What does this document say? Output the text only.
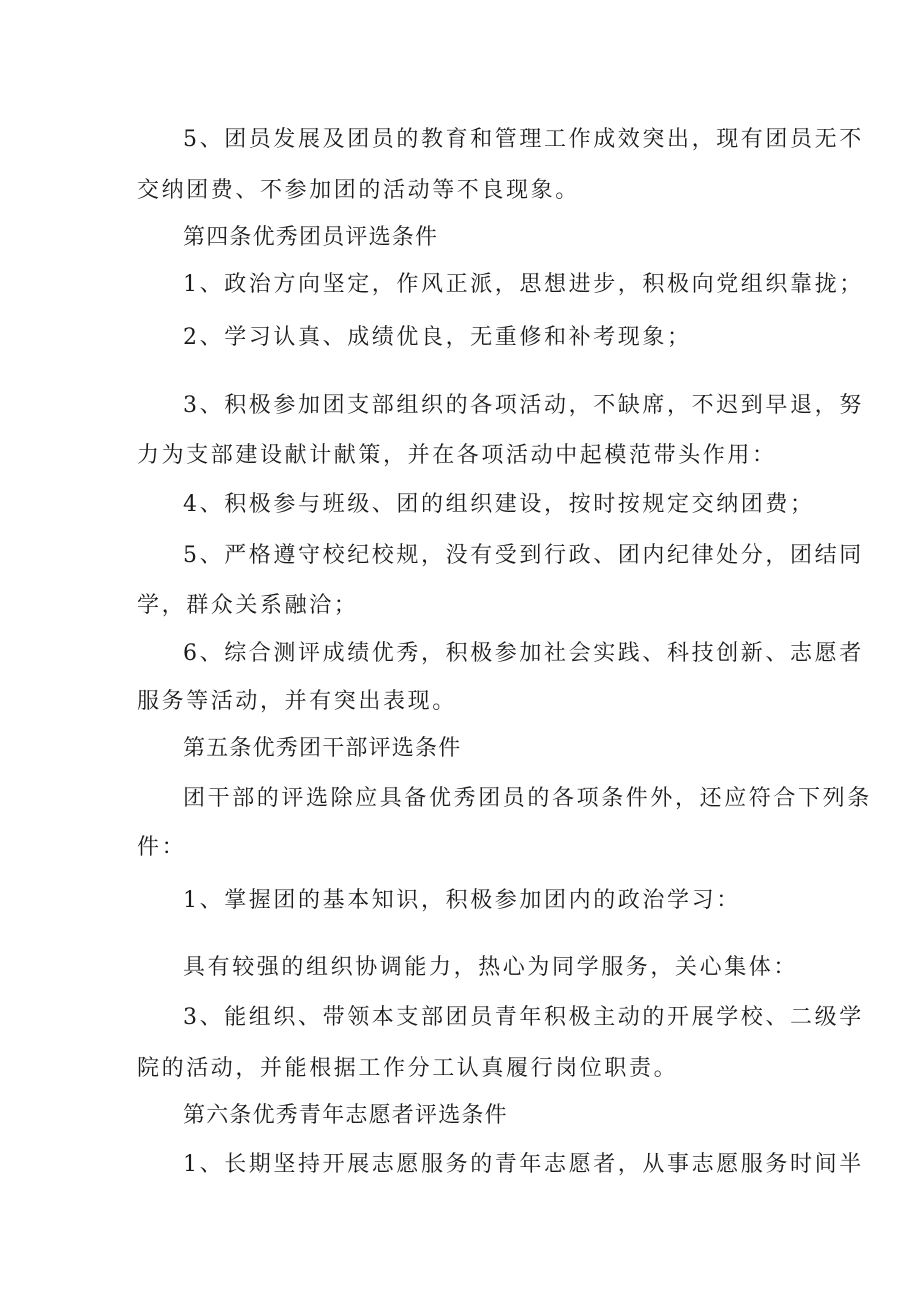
5、团员发展及团员的教育和管理工作成效突出，现有团员无不
交纳团费、不参加团的活动等不良现象。
第四条优秀团员评选条件
1、政治方向坚定，作风正派，思想进步，积极向党组织靠拢；
2、学习认真、成绩优良，无重修和补考现象；
3、积极参加团支部组织的各项活动，不缺席，不迟到早退，努
力为支部建设献计献策，并在各项活动中起模范带头作用：
4、积极参与班级、团的组织建设，按时按规定交纳团费；
5、严格遵守校纪校规，没有受到行政、团内纪律处分，团结同
学，群众关系融洽；
6、综合测评成绩优秀，积极参加社会实践、科技创新、志愿者
服务等活动，并有突出表现。
第五条优秀团干部评选条件
团干部的评选除应具备优秀团员的各项条件外，还应符合下列条
件：
1、掌握团的基本知识，积极参加团内的政治学习：
具有较强的组织协调能力，热心为同学服务，关心集体：
3、能组织、带领本支部团员青年积极主动的开展学校、二级学
院的活动，并能根据工作分工认真履行岗位职责。
第六条优秀青年志愿者评选条件
1、长期坚持开展志愿服务的青年志愿者，从事志愿服务时间半
